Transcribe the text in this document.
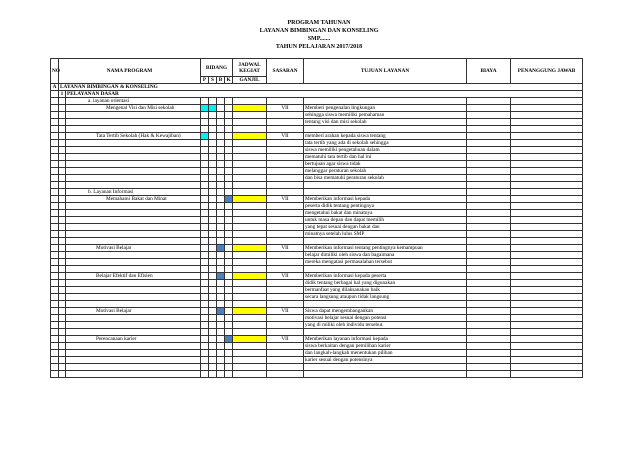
PROGRAM TAHUNAN
LAYANAN BIMBINGAN DAN KONSELING
SMP.......
TAHUN PELAJARAN 2017/2018
NO	NAMA PROGRAM		BIDANG				JADWAL KEGIAT	SASARAN	TUJUAN LAYANAN	BIAYA	PENANGGUNG JAWAB
			P	S	B	K	GANJIL				
A	LAYANAN BIMBINGAN & KONSELING										
	1	PELAYANAN DASAR									
		a. layanan orientasi									
		Mengenal Visi dan Misi sekolah						VII	Memberi pengenalan lingkungan		
									sehingga siswa memiliki pemahaman		
									tentang visi dan misi sekolah		

		Tata Tertib Sekolah (Hak & Kewajiban)						VII	memberi arahan kepada siswa tentang		
									tata tertib yang ada di sekolah sehingga		
									siswa memiliki pengetahuan dalam		
									mematuhi tata tertib dan hal ini		
									bertujuan agar siswa tidak		
									melanggar peraturan sekolah		
									dan bisa mematuhi peraturan sekolah		

		b. Layanan Informasi									
		Memahami Bakat dan Minat						VII	Memberikan informasi kepada		
									peserta didik tentang pentingnya		
									mengetahui bakat dan minatnya		
									untuk masa depan dan dapat memilih		
									yang tepat sesuai dengan bakat dan		
									minatnya setelah lulus SMP		

		Motivasi Belajar						VII	Memberikan informasi tentang pentingnya kemampuan		
									belajar dimiliki oleh siswa dan bagaimana		
									mereka mengatasi permasalahan tersebut		

		Belajar Efektif dan Efisien						VII	Memberikan informasi kepada peserta		
									didik tentang berbagai hal yang digunakan		
									bermanfaat yang dilaksanakan baik		
									secara langsung ataupun tidak langsung		

		Motivasi Belajar						VII	Siswa dapat mengembangankan		
									motivasi belajar sesuai dengan potensi		
									yang di miliki oleh individu tersebut.		

		Perencanaan karier						VII	Memberikan layanan informasi kepada		
									siswa berkaitan dengan pemilihan karier		
									dan langkah-langkah menentukan pilihan		
									karier sesuai dengan potensinya		
